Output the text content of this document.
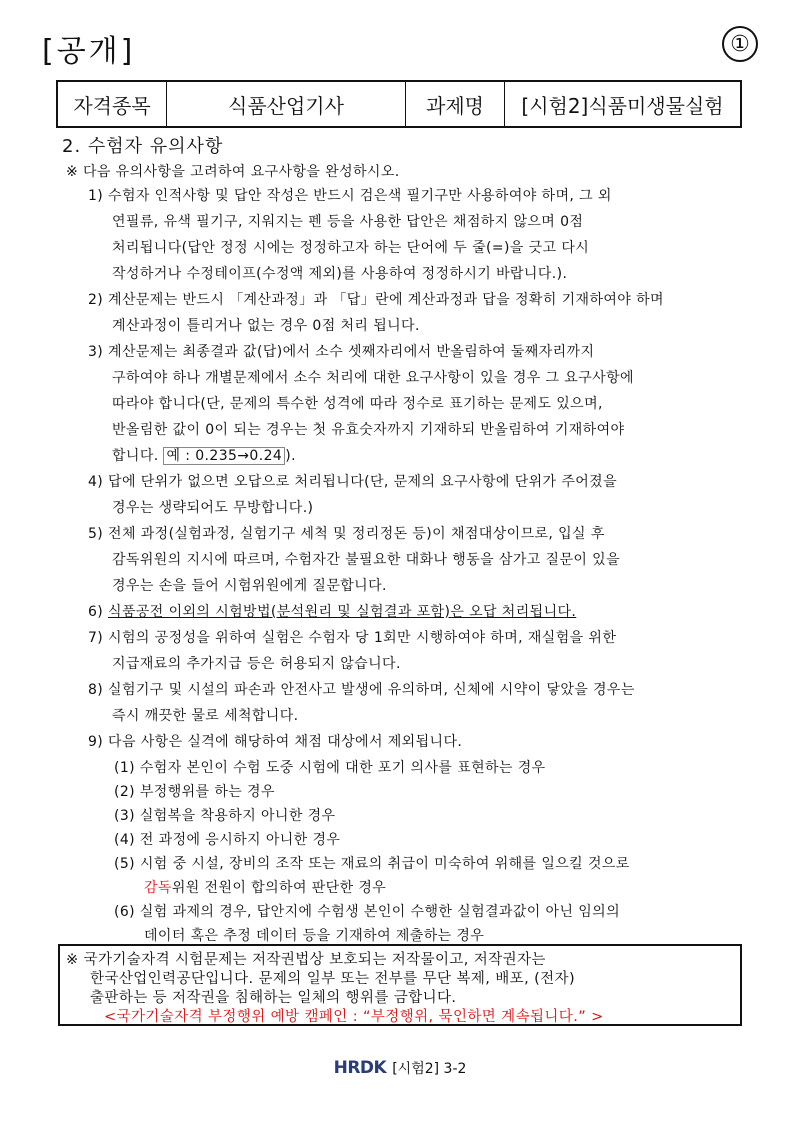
[공개]	①
자격종목	식품산업기사	과제명	[시험2]식품미생물실험
2. 수험자 유의사항
※ 다음 유의사항을 고려하여 요구사항을 완성하시오.
1) 수험자 인적사항 및 답안 작성은 반드시 검은색 필기구만 사용하여야 하며, 그 외
연필류, 유색 필기구, 지워지는 펜 등을 사용한 답안은 채점하지 않으며 0점
처리됩니다(답안 정정 시에는 정정하고자 하는 단어에 두 줄(=)을 긋고 다시
작성하거나 수정테이프(수정액 제외)를 사용하여 정정하시기 바랍니다.).
2) 계산문제는 반드시 「계산과정」과 「답」란에 계산과정과 답을 정확히 기재하여야 하며
계산과정이 틀리거나 없는 경우 0점 처리 됩니다.
3) 계산문제는 최종결과 값(답)에서 소수 셋째자리에서 반올림하여 둘째자리까지
구하여야 하나 개별문제에서 소수 처리에 대한 요구사항이 있을 경우 그 요구사항에
따라야 합니다(단, 문제의 특수한 성격에 따라 정수로 표기하는 문제도 있으며,
반올림한 값이 0이 되는 경우는 첫 유효숫자까지 기재하되 반올림하여 기재하여야
합니다. 예 : 0.235→0.24 ).
4) 답에 단위가 없으면 오답으로 처리됩니다(단, 문제의 요구사항에 단위가 주어졌을
경우는 생략되어도 무방합니다.)
5) 전체 과정(실험과정, 실험기구 세척 및 정리정돈 등)이 채점대상이므로, 입실 후
감독위원의 지시에 따르며, 수험자간 불필요한 대화나 행동을 삼가고 질문이 있을
경우는 손을 들어 시험위원에게 질문합니다.
6) 식품공전 이외의 시험방법(분석원리 및 실험결과 포함)은 오답 처리됩니다.
7) 시험의 공정성을 위하여 실험은 수험자 당 1회만 시행하여야 하며, 재실험을 위한
지급재료의 추가지급 등은 허용되지 않습니다.
8) 실험기구 및 시설의 파손과 안전사고 발생에 유의하며, 신체에 시약이 닿았을 경우는
즉시 깨끗한 물로 세척합니다.
9) 다음 사항은 실격에 해당하여 채점 대상에서 제외됩니다.
(1) 수험자 본인이 수험 도중 시험에 대한 포기 의사를 표현하는 경우
(2) 부정행위를 하는 경우
(3) 실험복을 착용하지 아니한 경우
(4) 전 과정에 응시하지 아니한 경우
(5) 시험 중 시설, 장비의 조작 또는 재료의 취급이 미숙하여 위해를 일으킬 것으로
감독위원 전원이 합의하여 판단한 경우
(6) 실험 과제의 경우, 답안지에 수험생 본인이 수행한 실험결과값이 아닌 임의의
데이터 혹은 추정 데이터 등을 기재하여 제출하는 경우
※ 국가기술자격 시험문제는 저작권법상 보호되는 저작물이고, 저작권자는
한국산업인력공단입니다. 문제의 일부 또는 전부를 무단 복제, 배포, (전자)
출판하는 등 저작권을 침해하는 일체의 행위를 금합니다.
<국가기술자격 부정행위 예방 캠페인 : “부정행위, 묵인하면 계속됩니다.” >
HRDK [시험2] 3-2
